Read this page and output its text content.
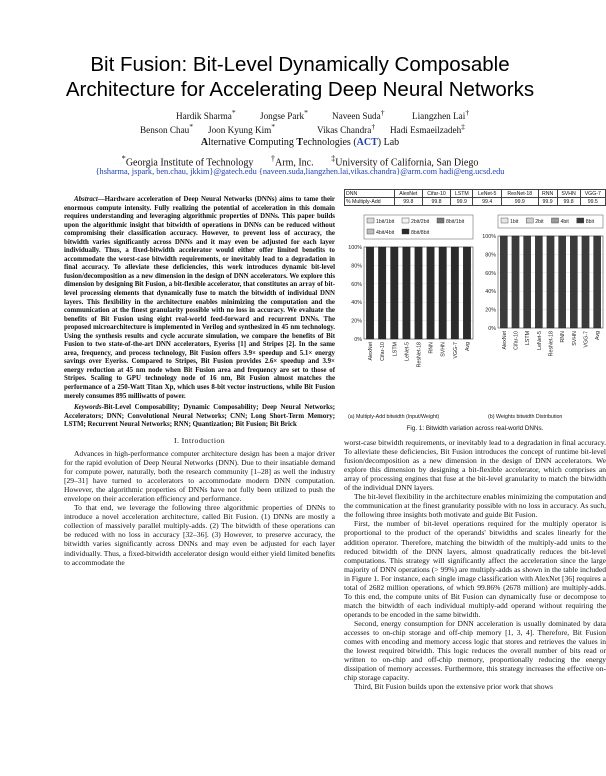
Bit Fusion: Bit-Level Dynamically Composable
Architecture for Accelerating Deep Neural Networks
Hardik Sharma*	Jongse Park*	Naveen Suda†	Liangzhen Lai†
Benson Chau* Joon Kyung Kim*	Vikas Chandra† Hadi Esmaeilzadeh‡
Alternative Computing Technologies (ACT) Lab
*Georgia Institute of Technology †Arm, Inc. ‡University of California, San Diego
{hsharma, jspark, ben.chau, jkkim}@gatech.edu {naveen.suda,liangzhen.lai,vikas.chandra}@arm.com hadi@eng.ucsd.edu

Abstract—Hardware acceleration of Deep Neural Networks (DNNs) aims to tame their enormous compute intensity. Fully realizing the potential of acceleration in this domain requires understanding and leveraging algorithmic properties of DNNs. This paper builds upon the algorithmic insight that bitwidth of operations in DNNs can be reduced without compromising their classification accuracy. However, to prevent loss of accuracy, the bitwidth varies significantly across DNNs and it may even be adjusted for each layer individually. Thus, a fixed-bitwidth accelerator would either offer limited benefits to accommodate the worst-case bitwidth requirements, or inevitably lead to a degradation in final accuracy. To alleviate these deficiencies, this work introduces dynamic bit-level fusion/decomposition as a new dimension in the design of DNN accelerators. We explore this dimension by designing Bit Fusion, a bit-flexible accelerator, that constitutes an array of bit-level processing elements that dynamically fuse to match the bitwidth of individual DNN layers. This flexibility in the architecture enables minimizing the computation and the communication at the finest granularity possible with no loss in accuracy. We evaluate the benefits of Bit Fusion using eight real-world feed-forward and recurrent DNNs. The proposed microarchitecture is implemented in Verilog and synthesized in 45 nm technology. Using the synthesis results and cycle accurate simulation, we compare the benefits of Bit Fusion to two state-of-the-art DNN accelerators, Eyeriss [1] and Stripes [2]. In the same area, frequency, and process technology, Bit Fusion offers 3.9× speedup and 5.1× energy savings over Eyeriss. Compared to Stripes, Bit Fusion provides 2.6× speedup and 3.9× energy reduction at 45 nm node when Bit Fusion area and frequency are set to those of Stripes. Scaling to GPU technology node of 16 nm, Bit Fusion almost matches the performance of a 250-Watt Titan Xp, which uses 8-bit vector instructions, while Bit Fusion merely consumes 895 milliwatts of power.

Keywords-Bit-Level Composability; Dynamic Composability; Deep Neural Networks; Accelerators; DNN; Convolutional Neural Networks; CNN; Long Short-Term Memory; LSTM; Recurrent Neural Networks; RNN; Quantization; Bit Fusion; Bit Brick

I. Introduction

Advances in high-performance computer architecture design has been a major driver for the rapid evolution of Deep Neural Networks (DNN). Due to their insatiable demand for compute power, naturally, both the research community [1–28] as well the industry [29–31] have turned to accelerators to accommodate modern DNN computation. However, the algorithmic properties of DNNs have not fully been utilized to push the envelope on their acceleration efficiency and performance.

To that end, we leverage the following three algorithmic properties of DNNs to introduce a novel acceleration architecture, called Bit Fusion. (1) DNNs are mostly a collection of massively parallel multiply-adds. (2) The bitwidth of these operations can be reduced with no loss in accuracy [32–36]. (3) However, to preserve accuracy, the bitwidth varies significantly across DNNs and may even be adjusted for each layer individually. Thus, a fixed-bitwidth accelerator design would either yield limited benefits to accommodate the

DNN	AlexNet	Cifar-10	LSTM	LeNet-5	ResNet-18	RNN	SVHN	VGG-7
% Multiply-Add	99.8	99.8	99.9	99.4	99.9	99.9	99.8	99.5
1bit/1bit	2bit/2bit	8bit/1bit
4bit/4bit	8bit/8bit
0%
20%
40%
60%
80%
100%
AlexNet Cifar-10 LSTM LeNet-5 ResNet-18 RNN SVHN VGG-7 Avg
1bit	2bit	4bit	8bit
0%
20%
40%
60%
80%
100%
AlexNet Cifar-10 LSTM LeNet-5 ResNet-18 RNN SVHN VGG-7 Avg
(a) Multiply-Add bitwidth (Input/Weight)	(b) Weights bitwidth Distribution
Fig. 1: Bitwidth variation across real-world DNNs.

worst-case bitwidth requirements, or inevitably lead to a degradation in final accuracy. To alleviate these deficiencies, Bit Fusion introduces the concept of runtime bit-level fusion/decomposition as a new dimension in the design of DNN accelerators. We explore this dimension by designing a bit-flexible accelerator, which comprises an array of processing engines that fuse at the bit-level granularity to match the bitwidth of the individual DNN layers.

The bit-level flexibility in the architecture enables minimizing the computation and the communication at the finest granularity possible with no loss in accuracy. As such, the following three insights both motivate and guide Bit Fusion.

First, the number of bit-level operations required for the multiply operator is proportional to the product of the operands' bitwidths and scales linearly for the addition operator. Therefore, matching the bitwidth of the multiply-add units to the reduced bitwidth of the DNN layers, almost quadratically reduces the bit-level computations. This strategy will significantly affect the acceleration since the large majority of DNN operations (> 99%) are multiply-adds as shown in the table included in Figure 1. For instance, each single image classification with AlexNet [36] requires a total of 2682 million operations, of which 99.86% (2678 million) are multiply-adds. To this end, the compute units of Bit Fusion can dynamically fuse or decompose to match the bitwidth of each individual multiply-add operand without requiring the operands to be encoded in the same bitwidth.

Second, energy consumption for DNN acceleration is usually dominated by data accesses to on-chip storage and off-chip memory [1, 3, 4]. Therefore, Bit Fusion comes with encoding and memory access logic that stores and retrieves the values in the lowest required bitwidth. This logic reduces the overall number of bits read or written to on-chip and off-chip memory, proportionally reducing the energy dissipation of memory accesses. Furthermore, this strategy increases the effective on-chip storage capacity.

Third, Bit Fusion builds upon the extensive prior work that shows
